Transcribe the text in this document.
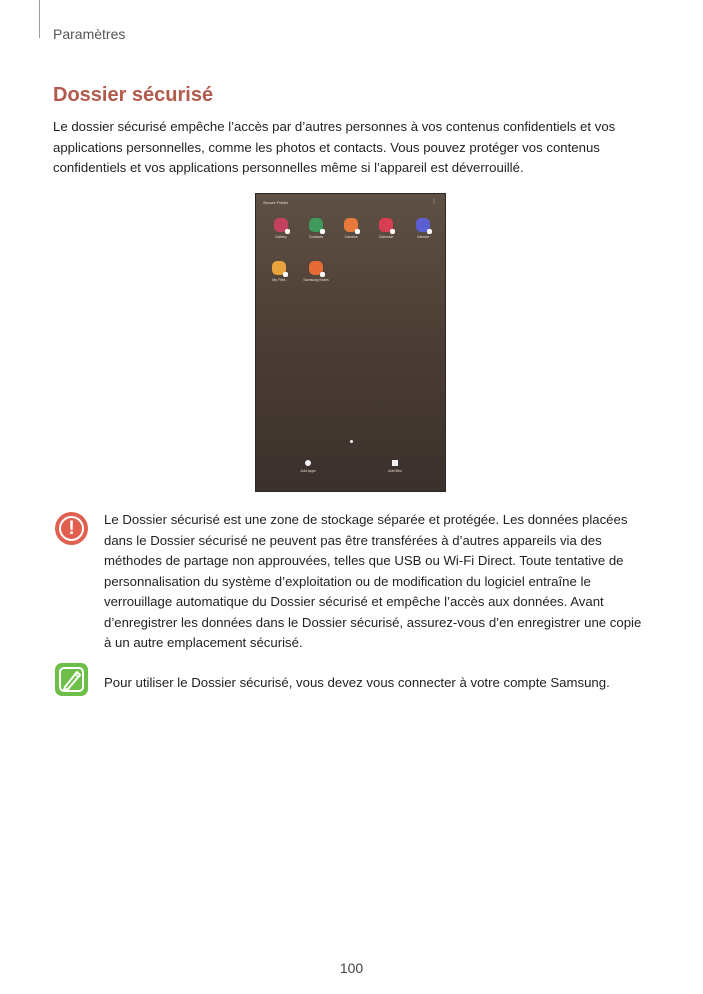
Paramètres
Dossier sécurisé

Le dossier sécurisé empêche l’accès par d’autres personnes à vos contenus confidentiels et vos applications personnelles, comme les photos et contacts. Vous pouvez protéger vos contenus confidentiels et vos applications personnelles même si l’appareil est déverrouillé.

Secure Folder	⋮
Gallery	Contacts	Camera	Calendar	Internet
My Files	Samsung Notes
Add apps	Add files
!	Le Dossier sécurisé est une zone de stockage séparée et protégée. Les données placées dans le Dossier sécurisé ne peuvent pas être transférées à d’autres appareils via des méthodes de partage non approuvées, telles que USB ou Wi-Fi Direct. Toute tentative de personnalisation du système d’exploitation ou de modification du logiciel entraîne le verrouillage automatique du Dossier sécurisé et empêche l’accès aux données. Avant d’enregistrer les données dans le Dossier sécurisé, assurez-vous d’en enregistrer une copie à un autre emplacement sécurisé.

Pour utiliser le Dossier sécurisé, vous devez vous connecter à votre compte Samsung.

100
